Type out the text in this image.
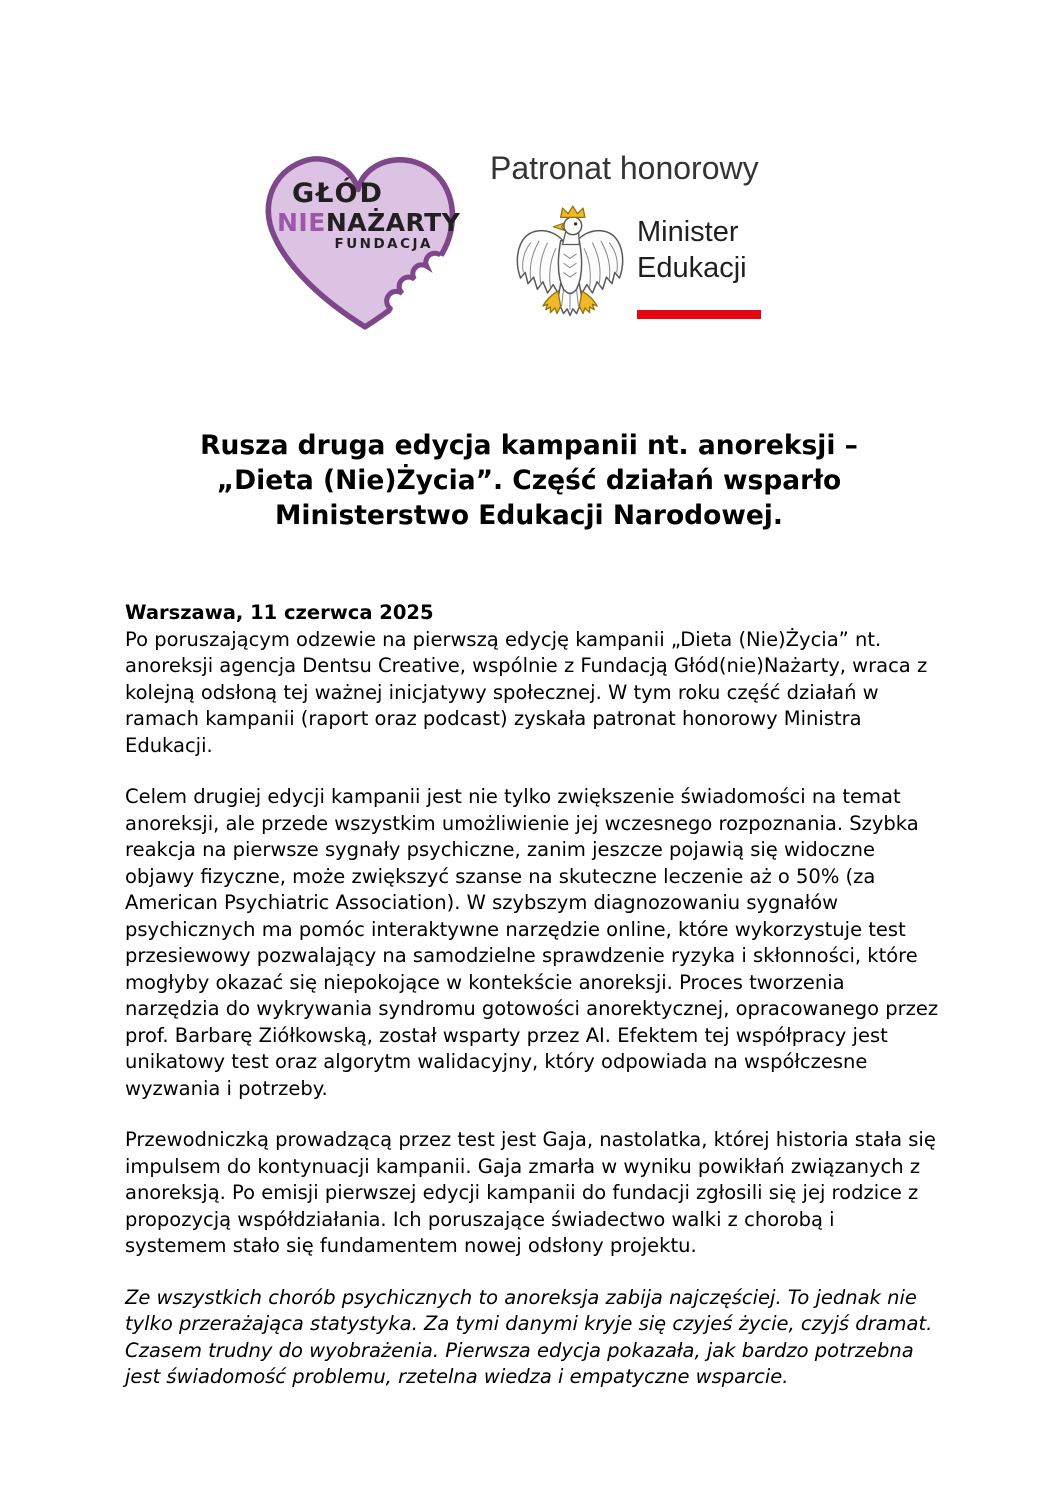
GŁÓD
NIENAŻARTY
FUNDACJA
Patronat honorowy
Minister
Edukacji
Rusza druga edycja kampanii nt. anoreksji –
„Dieta (Nie)Życia”. Część działań wsparło
Ministerstwo Edukacji Narodowej.
Warszawa, 11 czerwca 2025

Po poruszającym odzewie na pierwszą edycję kampanii „Dieta (Nie)Życia” nt. anoreksji agencja Dentsu Creative, wspólnie z Fundacją Głód(nie)Nażarty, wraca z kolejną odsłoną tej ważnej inicjatywy społecznej. W tym roku część działań w ramach kampanii (raport oraz podcast) zyskała patronat honorowy Ministra Edukacji.

Celem drugiej edycji kampanii jest nie tylko zwiększenie świadomości na temat anoreksji, ale przede wszystkim umożliwienie jej wczesnego rozpoznania. Szybka reakcja na pierwsze sygnały psychiczne, zanim jeszcze pojawią się widoczne objawy fizyczne, może zwiększyć szanse na skuteczne leczenie aż o 50% (za American Psychiatric Association). W szybszym diagnozowaniu sygnałów psychicznych ma pomóc interaktywne narzędzie online, które wykorzystuje test przesiewowy pozwalający na samodzielne sprawdzenie ryzyka i skłonności, które mogłyby okazać się niepokojące w kontekście anoreksji. Proces tworzenia narzędzia do wykrywania syndromu gotowości anorektycznej, opracowanego przez prof. Barbarę Ziółkowską, został wsparty przez AI. Efektem tej współpracy jest unikatowy test oraz algorytm walidacyjny, który odpowiada na współczesne wyzwania i potrzeby.

Przewodniczką prowadzącą przez test jest Gaja, nastolatka, której historia stała się impulsem do kontynuacji kampanii. Gaja zmarła w wyniku powikłań związanych z anoreksją. Po emisji pierwszej edycji kampanii do fundacji zgłosili się jej rodzice z propozycją współdziałania. Ich poruszające świadectwo walki z chorobą i systemem stało się fundamentem nowej odsłony projektu.

Ze wszystkich chorób psychicznych to anoreksja zabija najczęściej. To jednak nie tylko przerażająca statystyka. Za tymi danymi kryje się czyjeś życie, czyjś dramat. Czasem trudny do wyobrażenia. Pierwsza edycja pokazała, jak bardzo potrzebna jest świadomość problemu, rzetelna wiedza i empatyczne wsparcie.
